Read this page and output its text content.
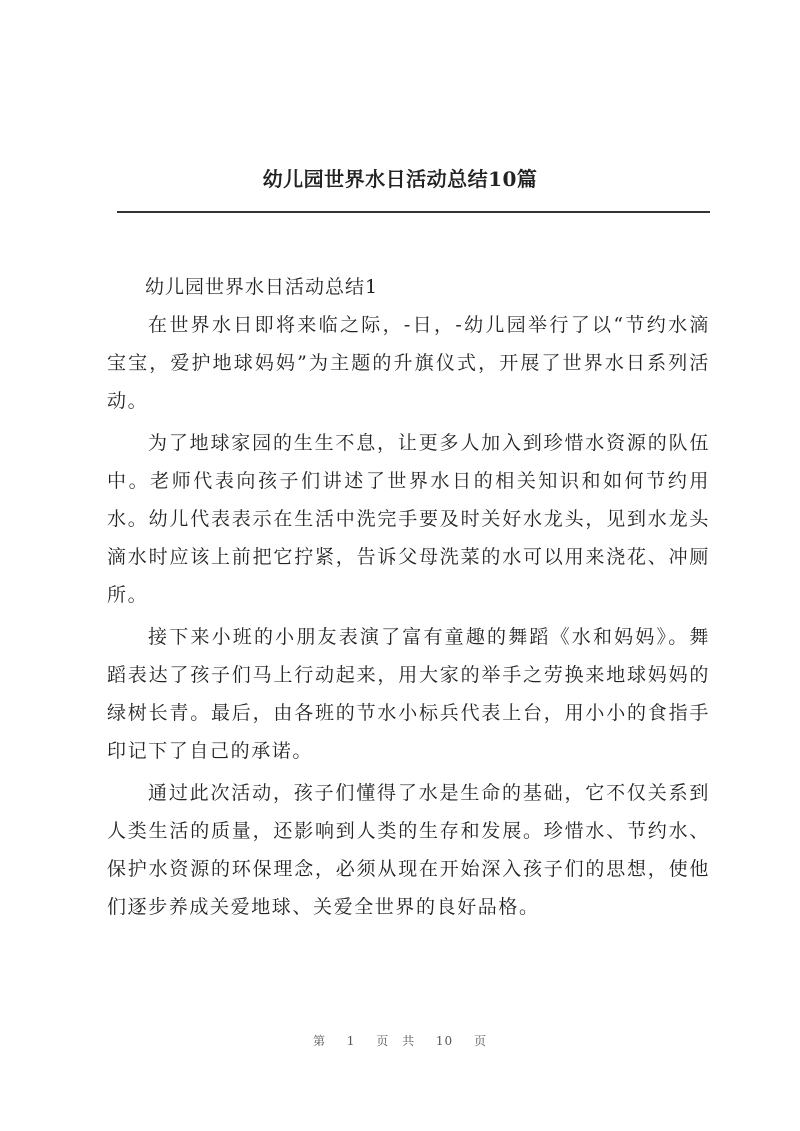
幼儿园世界水日活动总结10篇

幼儿园世界水日活动总结1

在世界水日即将来临之际，-日，-幼儿园举行了以“节约水滴宝宝，爱护地球妈妈”为主题的升旗仪式，开展了世界水日系列活动。

为了地球家园的生生不息，让更多人加入到珍惜水资源的队伍中。老师代表向孩子们讲述了世界水日的相关知识和如何节约用水。幼儿代表表示在生活中洗完手要及时关好水龙头，见到水龙头滴水时应该上前把它拧紧，告诉父母洗菜的水可以用来浇花、冲厕所。

接下来小班的小朋友表演了富有童趣的舞蹈《水和妈妈》。舞蹈表达了孩子们马上行动起来，用大家的举手之劳换来地球妈妈的绿树长青。最后，由各班的节水小标兵代表上台，用小小的食指手印记下了自己的承诺。

通过此次活动，孩子们懂得了水是生命的基础，它不仅关系到人类生活的质量，还影响到人类的生存和发展。珍惜水、节约水、保护水资源的环保理念，必须从现在开始深入孩子们的思想，使他们逐步养成关爱地球、关爱全世界的良好品格。

第 1 页 共 10 页
